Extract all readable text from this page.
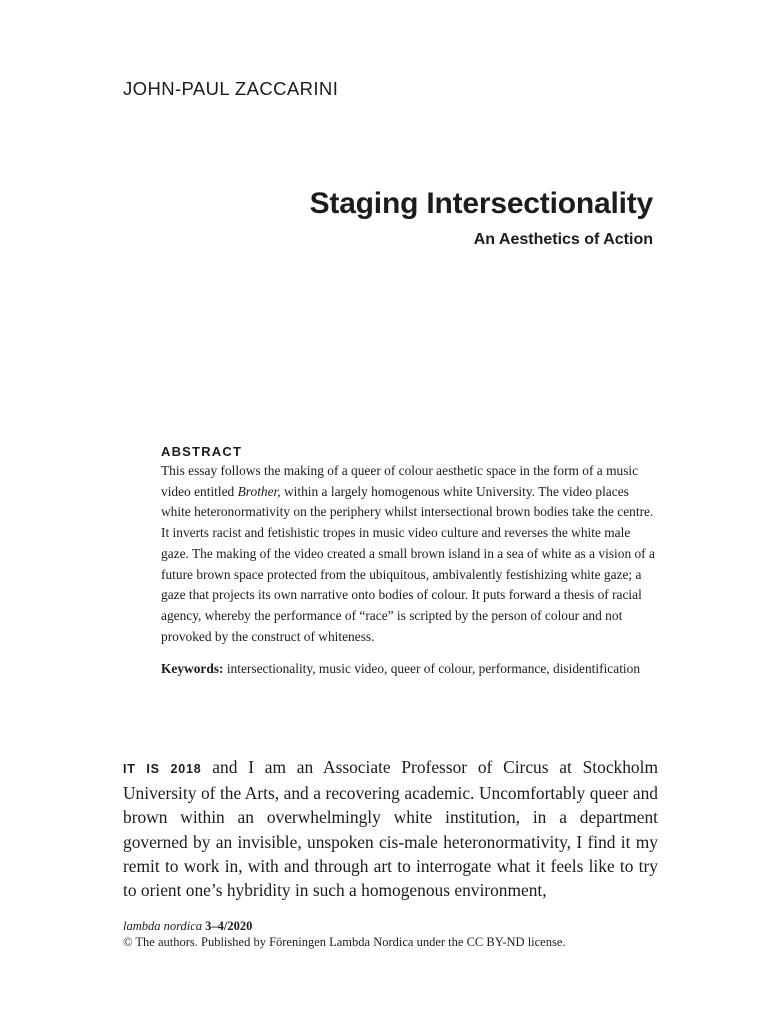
JOHN-PAUL ZACCARINI
Staging Intersectionality
An Aesthetics of Action
ABSTRACT

This essay follows the making of a queer of colour aesthetic space in the form of a music video entitled Brother, within a largely homogenous white University. The video places white heteronormativity on the periphery whilst intersectional brown bodies take the centre. It inverts racist and fetishistic tropes in music video culture and reverses the white male gaze. The making of the video created a small brown island in a sea of white as a vision of a future brown space protected from the ubiquitous, ambivalently festishizing white gaze; a gaze that projects its own narrative onto bodies of colour. It puts forward a thesis of racial agency, whereby the performance of “race” is scripted by the person of colour and not provoked by the construct of whiteness.

Keywords: intersectionality, music video, queer of colour, performance, disidentification

IT IS 2018 and I am an Associate Professor of Circus at Stockholm University of the Arts, and a recovering academic. Uncomfortably queer and brown within an overwhelmingly white institution, in a department governed by an invisible, unspoken cis-male heteronormativity, I find it my remit to work in, with and through art to interrogate what it feels like to try to orient one’s hybridity in such a homogenous environment,

lambda nordica 3–4/2020
© The authors. Published by Föreningen Lambda Nordica under the CC BY-ND license.
